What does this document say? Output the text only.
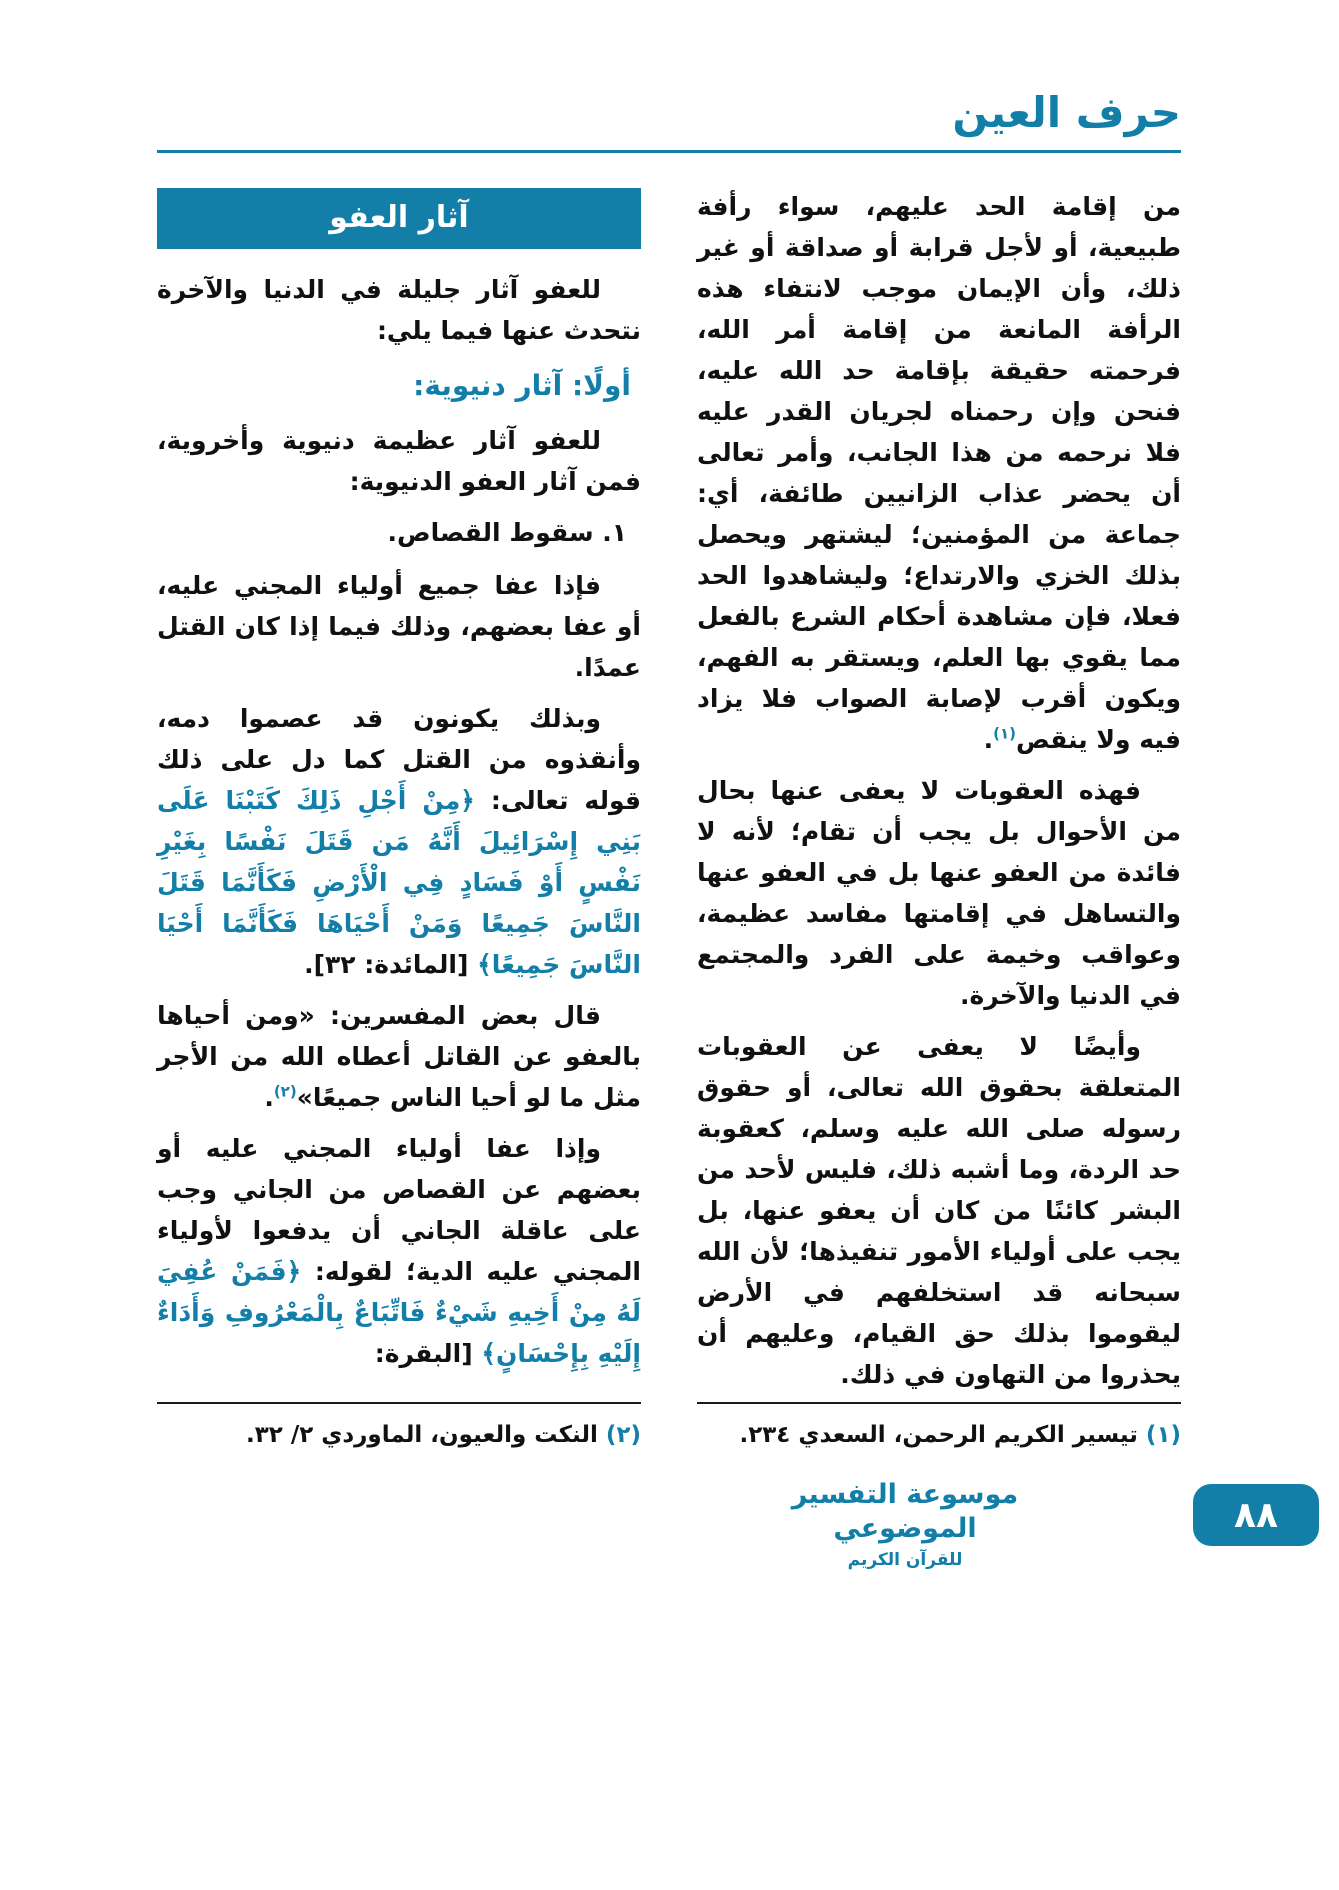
حرف العين

من إقامة الحد عليهم، سواء رأفة طبيعية، أو لأجل قرابة أو صداقة أو غير ذلك، وأن الإيمان موجب لانتفاء هذه الرأفة المانعة من إقامة أمر الله، فرحمته حقيقة بإقامة حد الله عليه، فنحن وإن رحمناه لجريان القدر عليه فلا نرحمه من هذا الجانب، وأمر تعالى أن يحضر عذاب الزانيين طائفة، أي: جماعة من المؤمنين؛ ليشتهر ويحصل بذلك الخزي والارتداع؛ وليشاهدوا الحد فعلا، فإن مشاهدة أحكام الشرع بالفعل مما يقوي بها العلم، ويستقر به الفهم، ويكون أقرب لإصابة الصواب فلا يزاد فيه ولا ينقص$^{(١)}$.

فهذه العقوبات لا يعفى عنها بحال من الأحوال بل يجب أن تقام؛ لأنه لا فائدة من العفو عنها بل في العفو عنها والتساهل في إقامتها مفاسد عظيمة، وعواقب وخيمة على الفرد والمجتمع في الدنيا والآخرة.

وأيضًا لا يعفى عن العقوبات المتعلقة بحقوق الله تعالى، أو حقوق رسوله صلى الله عليه وسلم، كعقوبة حد الردة، وما أشبه ذلك، فليس لأحد من البشر كائنًا من كان أن يعفو عنها، بل يجب على أولياء الأمور تنفيذها؛ لأن الله سبحانه قد استخلفهم في الأرض ليقوموا بذلك حق القيام، وعليهم أن يحذروا من التهاون في ذلك.

آثار العفو

للعفو آثار جليلة في الدنيا والآخرة نتحدث عنها فيما يلي:

أولًا: آثار دنيوية:

للعفو آثار عظيمة دنيوية وأخروية، فمن آثار العفو الدنيوية:

١. سقوط القصاص.

فإذا عفا جميع أولياء المجني عليه، أو عفا بعضهم، وذلك فيما إذا كان القتل عمدًا.

وبذلك يكونون قد عصموا دمه، وأنقذوه من القتل كما دل على ذلك قوله تعالى: ﴿مِنْ أَجْلِ ذَلِكَ كَتَبْنَا عَلَى بَنِي إِسْرَائِيلَ أَنَّهُ مَن قَتَلَ نَفْسًا بِغَيْرِ نَفْسٍ أَوْ فَسَادٍ فِي الْأَرْضِ فَكَأَنَّمَا قَتَلَ النَّاسَ جَمِيعًا وَمَنْ أَحْيَاهَا فَكَأَنَّمَا أَحْيَا النَّاسَ جَمِيعًا﴾ [المائدة: ٣٢].

قال بعض المفسرين: «ومن أحياها بالعفو عن القاتل أعطاه الله من الأجر مثل ما لو أحيا الناس جميعًا»$^{(٢)}$.

وإذا عفا أولياء المجني عليه أو بعضهم عن القصاص من الجاني وجب على عاقلة الجاني أن يدفعوا لأولياء المجني عليه الدية؛ لقوله: ﴿فَمَنْ عُفِيَ لَهُ مِنْ أَخِيهِ شَيْءٌ فَاتِّبَاعٌ بِالْمَعْرُوفِ وَأَدَاءٌ إِلَيْهِ بِإِحْسَانٍ﴾ [البقرة:

(١)تيسير الكريم الرحمن، السعدي ٢٣٤.
(٢)النكت والعيون، الماوردي ٢/ ٣٢.
موسوعة التفسير الموضوعي
للقرآن الكريم
٨٨
